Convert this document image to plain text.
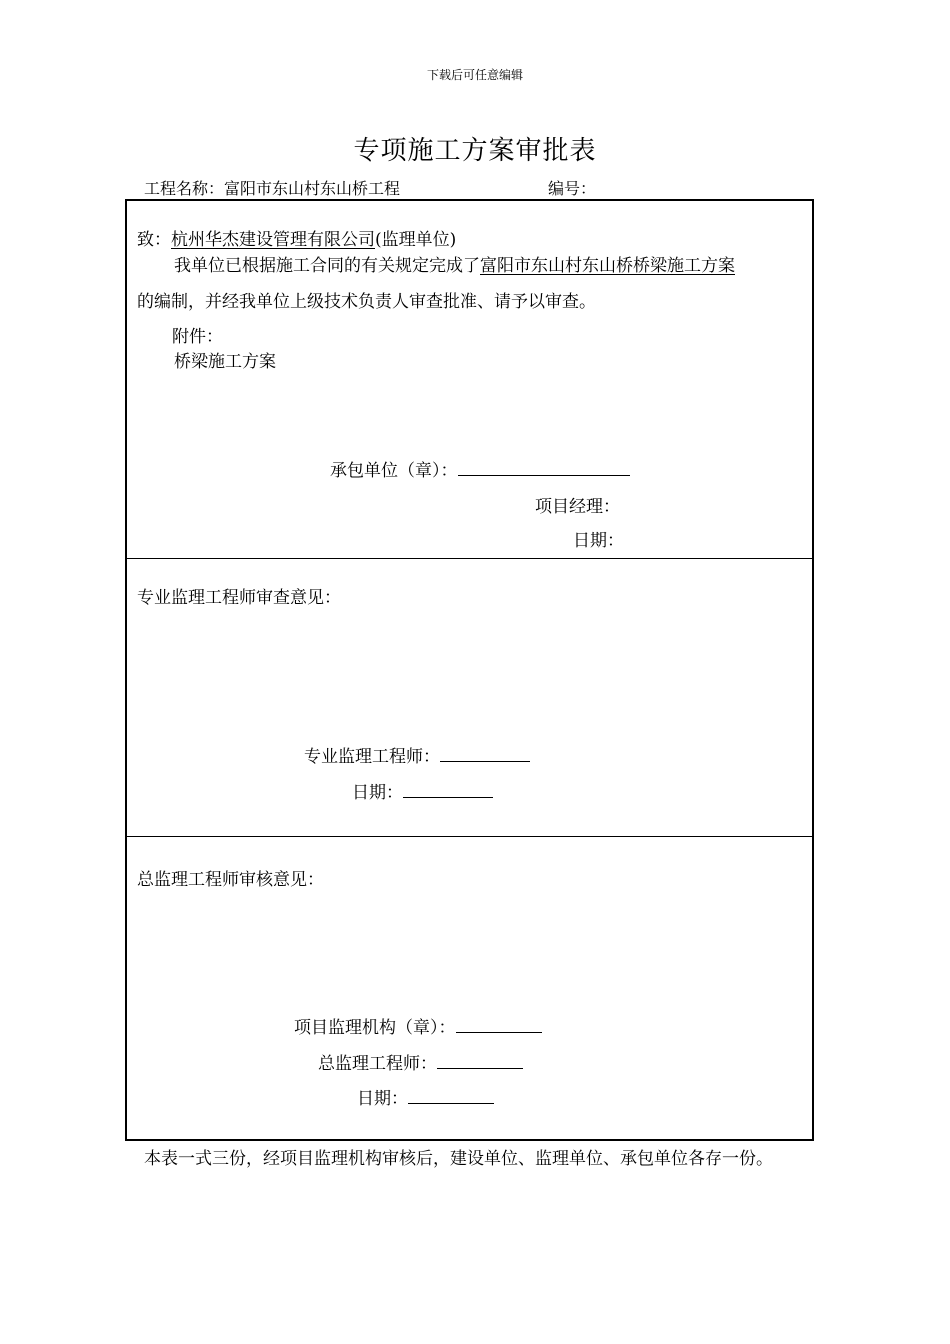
下载后可任意编辑
专项施工方案审批表
工程名称：富阳市东山村东山桥工程	编号：
致：杭州华杰建设管理有限公司(监理单位)
我单位已根据施工合同的有关规定完成了富阳市东山村东山桥桥梁施工方案
的编制，并经我单位上级技术负责人审查批准、请予以审查。
附件：
桥梁施工方案
承包单位（章）：
项目经理：
日期：
专业监理工程师审查意见：
专业监理工程师：
日期：
总监理工程师审核意见：
项目监理机构（章）：
总监理工程师：
日期：
本表一式三份，经项目监理机构审核后，建设单位、监理单位、承包单位各存一份。
